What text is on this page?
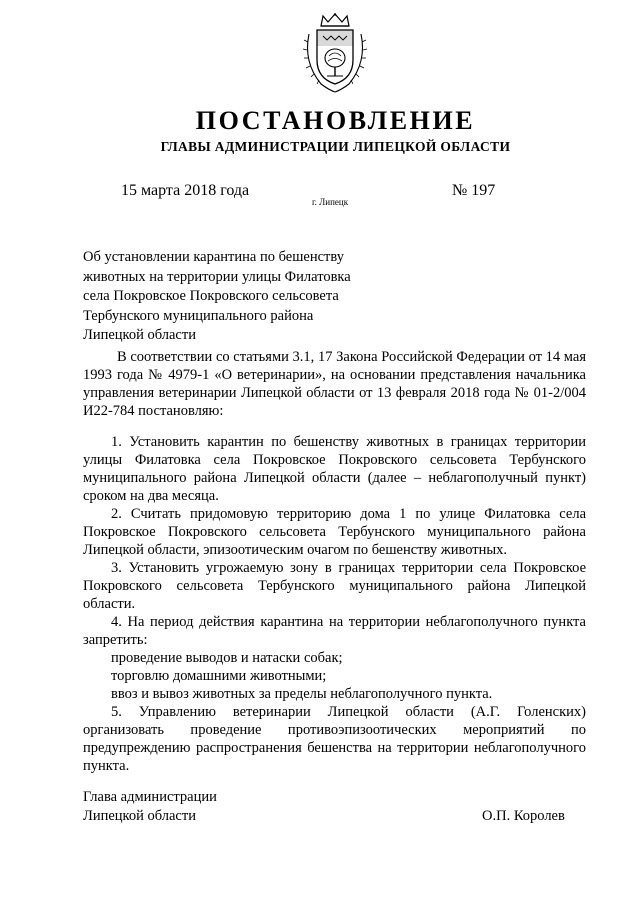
ПОСТАНОВЛЕНИЕ
ГЛАВЫ АДМИНИСТРАЦИИ ЛИПЕЦКОЙ ОБЛАСТИ
15 марта 2018 года
г. Липецк
№ 197
Об установлении карантина по бешенству
животных на территории улицы Филатовка
села Покровское Покровского сельсовета
Тербунского муниципального района
Липецкой области

В соответствии со статьями 3.1, 17 Закона Российской Федерации от 14 мая 1993 года № 4979-1 «О ветеринарии», на основании представления начальника управления ветеринарии Липецкой области от 13 февраля 2018 года № 01-2/004 И22-784 постановляю:

1. Установить карантин по бешенству животных в границах территории улицы Филатовка села Покровское Покровского сельсовета Тербунского муниципального района Липецкой области (далее – неблагополучный пункт) сроком на два месяца.

2. Считать придомовую территорию дома 1 по улице Филатовка села Покровское Покровского сельсовета Тербунского муниципального района Липецкой области, эпизоотическим очагом по бешенству животных.

3. Установить угрожаемую зону в границах территории села Покровское Покровского сельсовета Тербунского муниципального района Липецкой области.

4. На период действия карантина на территории неблагополучного пункта запретить:

проведение выводов и натаски собак;

торговлю домашними животными;

ввоз и вывоз животных за пределы неблагополучного пункта.

5. Управлению ветеринарии Липецкой области (А.Г. Голенских) организовать проведение противоэпизоотических мероприятий по предупреждению распространения бешенства на территории неблагополучного пункта.

Глава администрации
Липецкой области	О.П. Королев
